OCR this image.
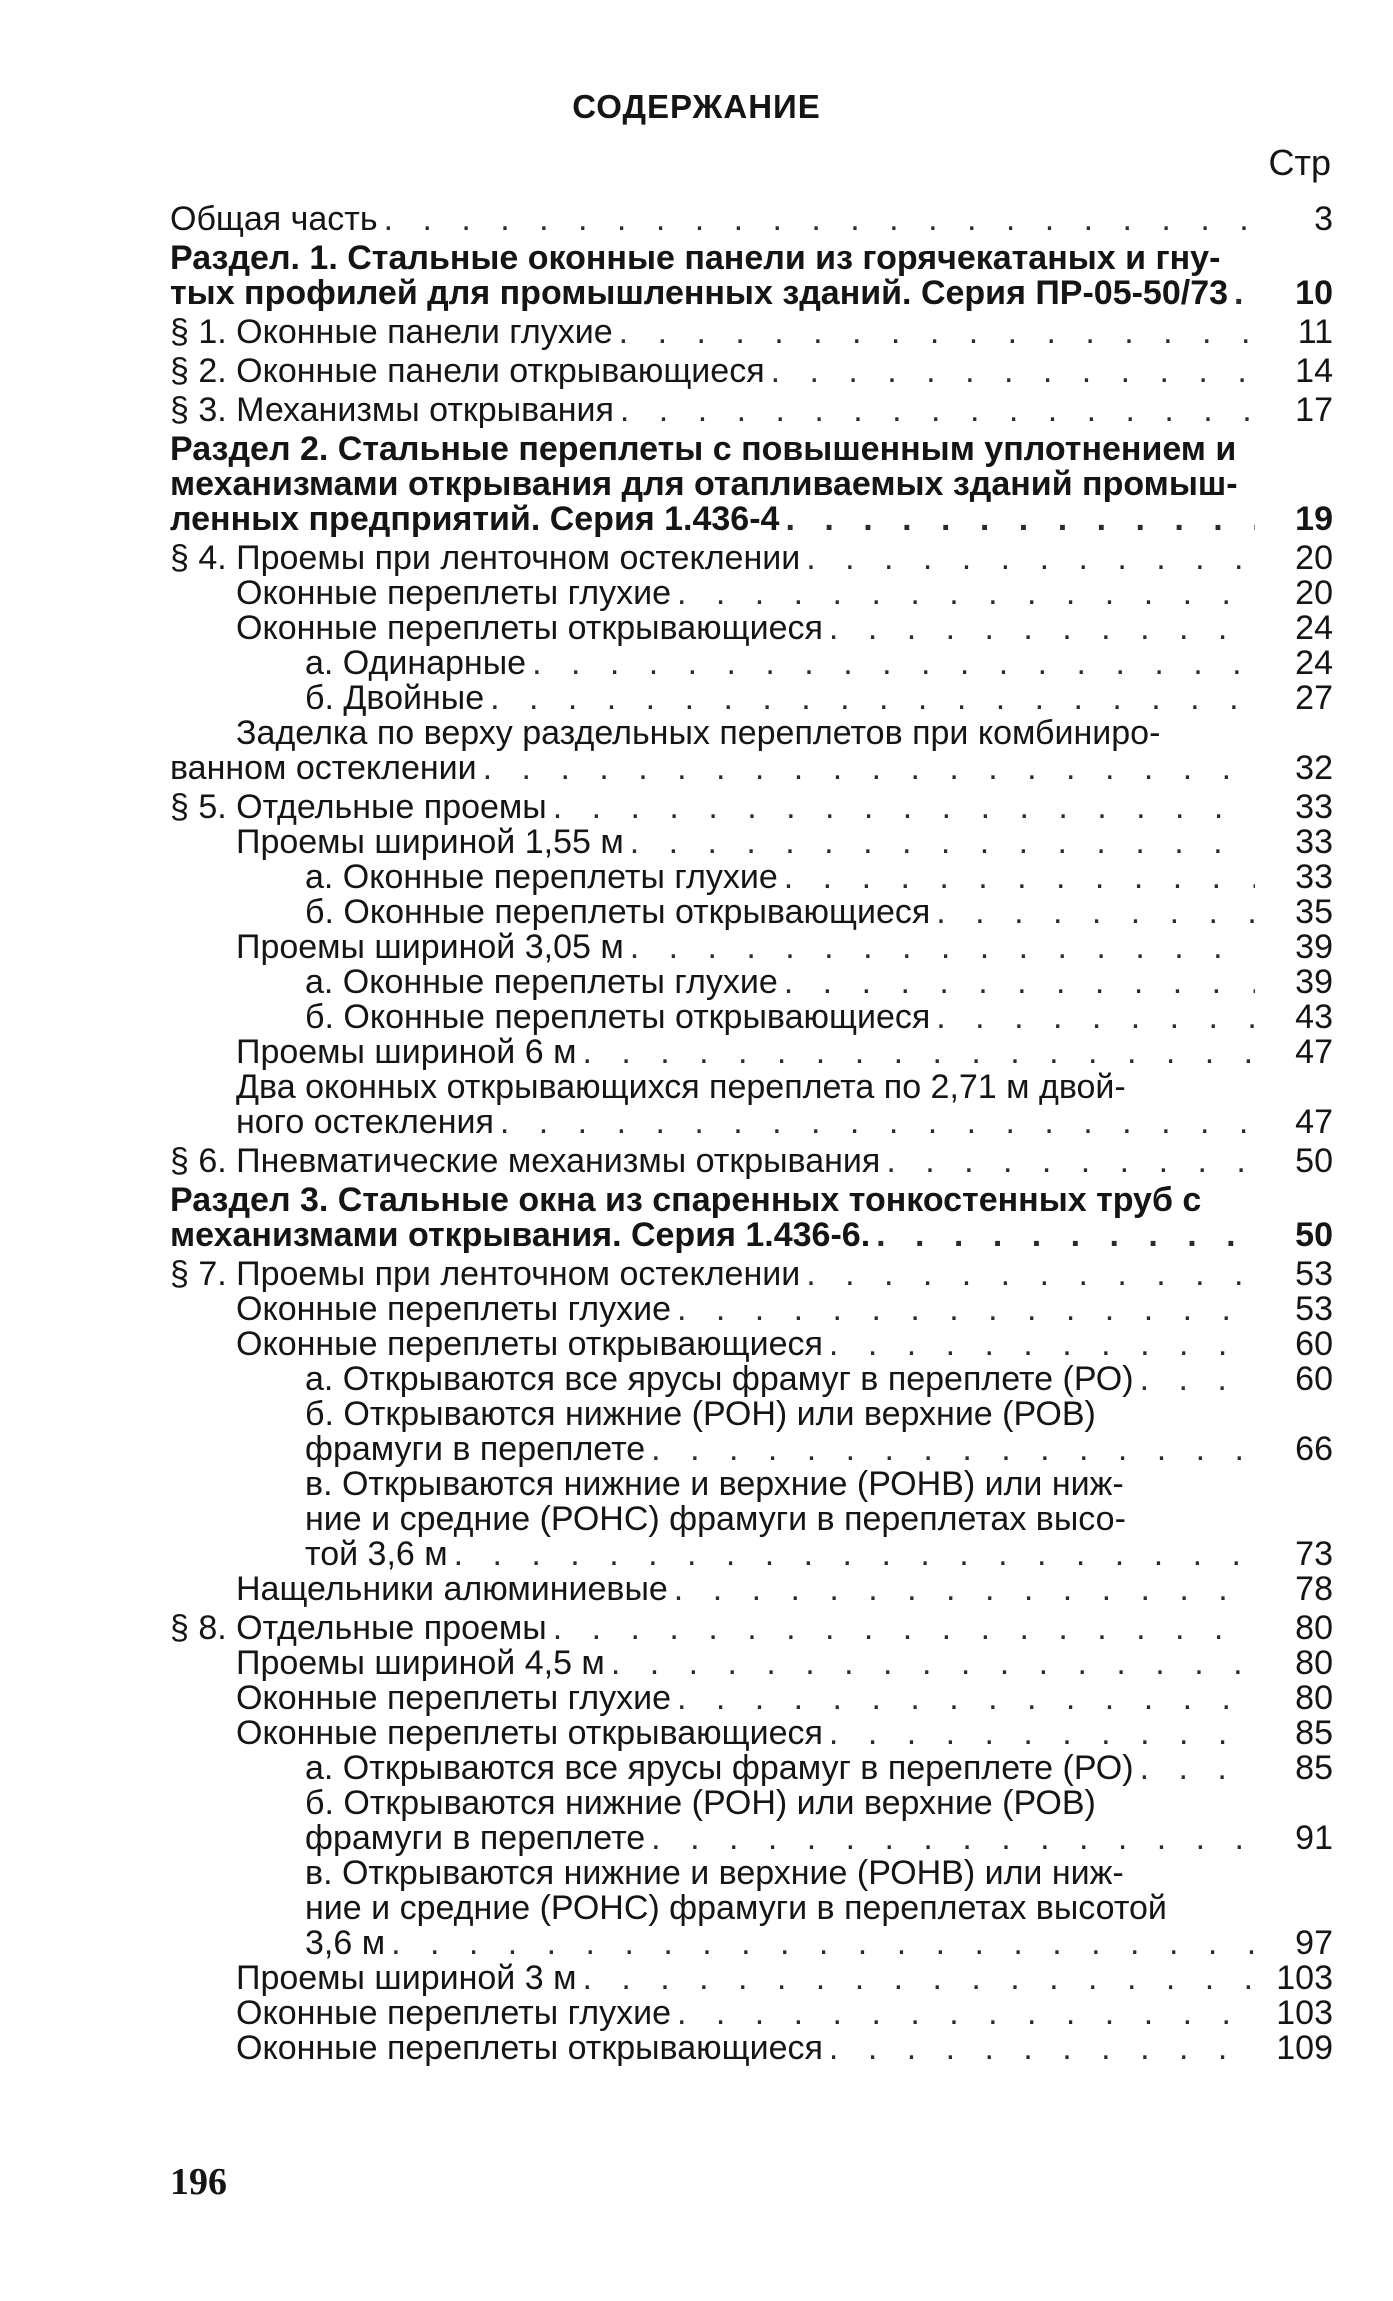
СОДЕРЖАНИЕ
Стр
Общая часть . . .	3
Раздел. 1. Стальные оконные панели из горячекатаных и гну-
тых профилей для промышленных зданий. Серия ПР-05-50/73 . . .	10
§ 1. Оконные панели глухие . . .	11
§ 2. Оконные панели открывающиеся . . .	14
§ 3. Механизмы открывания . . .	17
Раздел 2. Стальные переплеты с повышенным уплотнением и
механизмами открывания для отапливаемых зданий промыш-
ленных предприятий. Серия 1.436-4 . . .	19
§ 4. Проемы при ленточном остеклении . . .	20
Оконные переплеты глухие . . .	20
Оконные переплеты открывающиеся . . .	24
а. Одинарные . . .	24
б. Двойные . . .	27
Заделка по верху раздельных переплетов при комбиниро-
ванном остеклении . . .	32
§ 5. Отдельные проемы . . .	33
Проемы шириной 1,55 м . . .	33
а. Оконные переплеты глухие . . .	33
б. Оконные переплеты открывающиеся . . .	35
Проемы шириной 3,05 м . . .	39
а. Оконные переплеты глухие . . .	39
б. Оконные переплеты открывающиеся . . .	43
Проемы шириной 6 м . . .	47
Два оконных открывающихся переплета по 2,71 м двой-
ного остекления . . .	47
§ 6. Пневматические механизмы открывания . . .	50
Раздел 3. Стальные окна из спаренных тонкостенных труб с
механизмами открывания. Серия 1.436-6. . . .	50
§ 7. Проемы при ленточном остеклении . . .	53
Оконные переплеты глухие . . .	53
Оконные переплеты открывающиеся . . .	60
а. Открываются все ярусы фрамуг в переплете (РО) . . .	60
б. Открываются нижние (РОН) или верхние (РОВ)
фрамуги в переплете . . .	66
в. Открываются нижние и верхние (РОНВ) или ниж-
ние и средние (РОНС) фрамуги в переплетах высо-
той 3,6 м . . .	73
Нащельники алюминиевые . . .	78
§ 8. Отдельные проемы . . .	80
Проемы шириной 4,5 м . . .	80
Оконные переплеты глухие . . .	80
Оконные переплеты открывающиеся . . .	85
а. Открываются все ярусы фрамуг в переплете (РО) . . .	85
б. Открываются нижние (РОН) или верхние (РОВ)
фрамуги в переплете . . .	91
в. Открываются нижние и верхние (РОНВ) или ниж-
ние и средние (РОНС) фрамуги в переплетах высотой
3,6 м . . .	97
Проемы шириной 3 м . . .	103
Оконные переплеты глухие . . .	103
Оконные переплеты открывающиеся . . .	109
196
